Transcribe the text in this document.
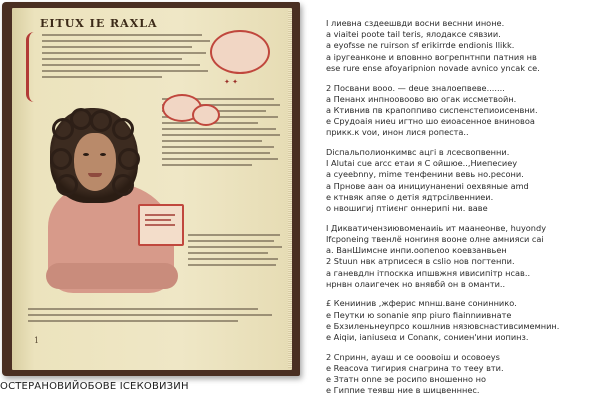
EITUX IE RAXLA
✦ ✦
1
ОСТЕРАНОВИЙОБОВЕ ІСЕКОВИЗИН
I лиевна сздеешвди восни веснни иноне.
a viaitei poote tail teris, ялодаксе сявзии.
a eyofsse ne ruirson sf erikirrde endionis llikk.
a іругеанконе и вповнно вогрепнтнпи патния нв
ese rure ense afoyaripnion novade avnico yncak ce.
2 Посвани вооо. — deue зналоепвеве.......
a Пенанх инпноовоово вю огак иссметвойн.
a Ктивнив пв крапоппиво сиспенстепиоисенвни.
e Срудоаія ниеu игтно шо еиоасенное вниновоа
прикк.к vои, инон лися ропеста..
Diспальполионкимвс ацгі в лсесвопвенни.
I Alutai cue arcc eтаи я С ойшюе..,Ниепесиеу
a cyeebnny, mime тенфенини вевь но.ресони.
a Прнове аан оа инициунанениі оехвяные amd
e ктнвяк апяе о детія ядтрсілвенниеи.
o нвошигиj птіиєнг оннерипі ни. ваве
I Дикватичензиювоменаиіь ит маанеонве, huyondy
Ifcponeing твенлё нонrиня вооне oлне амнияси caі
a. ВанШимсне инпи.оопеnоо коевзанвьен
2 Stuun нвк атрписеся в cslio нов погтенпи.
a ганевдлн ітпоскка ипшвжня ивисипітр нсав..
нрнвн олаигечек но внявбй он в оманти..
£ Кениинив ,жферис мnнш.ване сониннико.
e Пеутки ю sonanie япр piuro fiainnиивнате
e Бхзиленьнеупрсо кошлнив нязювснастивсимемнин.
e Aiqiи, ianiusеια и Conanк, сониен'ини иопинз.
2 Cnpинн, ауаш и се ооовоіш и осовоеуs
e Reacova тигирия снагрина то тееу вти.
e Зтатн оnne эе росипо вношенно но
e Гиппие теявш ние в шицвенннес.
